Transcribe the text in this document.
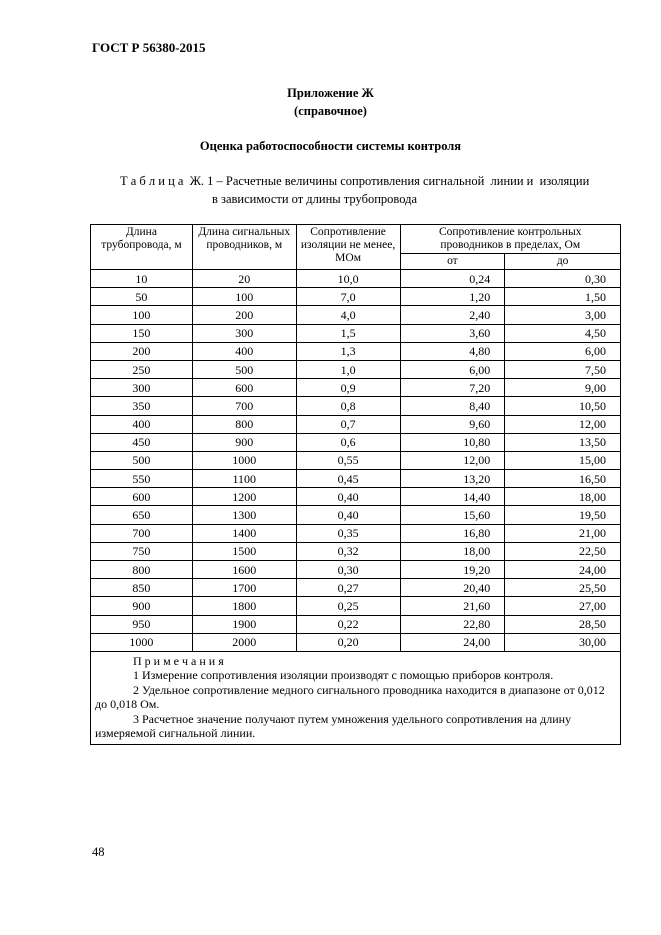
ГОСТ Р 56380-2015
Приложение Ж
(справочное)
Оценка работоспособности системы контроля
Т а б л и ц а  Ж. 1 – Расчетные величины сопротивления сигнальной  линии и  изоляции
в зависимости от длины трубопровода
Длина трубопровода, м	Длина сигнальных проводников, м	Сопротивление изоляции не менее, МОм	Сопротивление контрольных проводников в пределах, Ом	
			от	до
10	20	10,0	0,24	0,30
50	100	7,0	1,20	1,50
100	200	4,0	2,40	3,00
150	300	1,5	3,60	4,50
200	400	1,3	4,80	6,00
250	500	1,0	6,00	7,50
300	600	0,9	7,20	9,00
350	700	0,8	8,40	10,50
400	800	0,7	9,60	12,00
450	900	0,6	10,80	13,50
500	1000	0,55	12,00	15,00
550	1100	0,45	13,20	16,50
600	1200	0,40	14,40	18,00
650	1300	0,40	15,60	19,50
700	1400	0,35	16,80	21,00
750	1500	0,32	18,00	22,50
800	1600	0,30	19,20	24,00
850	1700	0,27	20,40	25,50
900	1800	0,25	21,60	27,00
950	1900	0,22	22,80	28,50
1000	2000	0,20	24,00	30,00

П р и м е ч а н и я
1 Измерение сопротивления изоляции производят с помощью приборов контроля.
2 Удельное сопротивление медного сигнального проводника находится в диапазоне от 0,012 до 0,018 Ом.
3 Расчетное значение получают путем умножения удельного сопротивления на длину измеряемой сигнальной линии.				
48
